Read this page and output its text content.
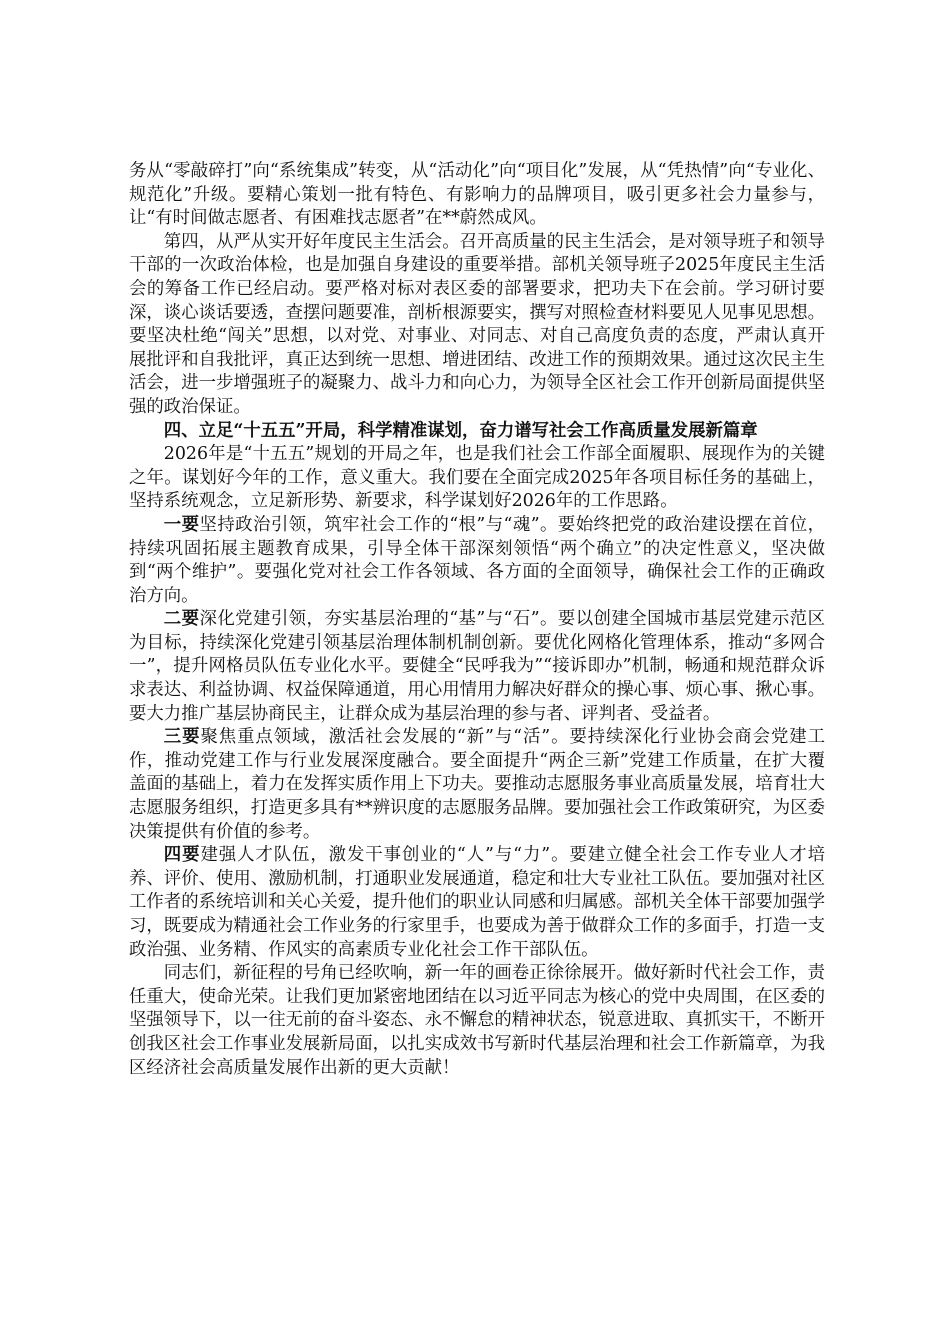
务从“零敲碎打”向“系统集成”转变，从“活动化”向“项目化”发展，从“凭热情”向“专业化、规范化”升级。要精心策划一批有特色、有影响力的品牌项目，吸引更多社会力量参与，让“有时间做志愿者、有困难找志愿者”在**蔚然成风。

第四，从严从实开好年度民主生活会。召开高质量的民主生活会，是对领导班子和领导干部的一次政治体检，也是加强自身建设的重要举措。部机关领导班子2025年度民主生活会的筹备工作已经启动。要严格对标对表区委的部署要求，把功夫下在会前。学习研讨要深，谈心谈话要透，查摆问题要准，剖析根源要实，撰写对照检查材料要见人见事见思想。要坚决杜绝“闯关”思想，以对党、对事业、对同志、对自己高度负责的态度，严肃认真开展批评和自我批评，真正达到统一思想、增进团结、改进工作的预期效果。通过这次民主生活会，进一步增强班子的凝聚力、战斗力和向心力，为领导全区社会工作开创新局面提供坚强的政治保证。

四、立足“十五五”开局，科学精准谋划，奋力谱写社会工作高质量发展新篇章

2026年是“十五五”规划的开局之年，也是我们社会工作部全面履职、展现作为的关键之年。谋划好今年的工作，意义重大。我们要在全面完成2025年各项目标任务的基础上，坚持系统观念，立足新形势、新要求，科学谋划好2026年的工作思路。

一要坚持政治引领，筑牢社会工作的“根”与“魂”。要始终把党的政治建设摆在首位，持续巩固拓展主题教育成果，引导全体干部深刻领悟“两个确立”的决定性意义，坚决做到“两个维护”。要强化党对社会工作各领域、各方面的全面领导，确保社会工作的正确政治方向。

二要深化党建引领，夯实基层治理的“基”与“石”。要以创建全国城市基层党建示范区为目标，持续深化党建引领基层治理体制机制创新。要优化网格化管理体系，推动“多网合一”，提升网格员队伍专业化水平。要健全“民呼我为”“接诉即办”机制，畅通和规范群众诉求表达、利益协调、权益保障通道，用心用情用力解决好群众的操心事、烦心事、揪心事。要大力推广基层协商民主，让群众成为基层治理的参与者、评判者、受益者。

三要聚焦重点领域，激活社会发展的“新”与“活”。要持续深化行业协会商会党建工作，推动党建工作与行业发展深度融合。要全面提升“两企三新”党建工作质量，在扩大覆盖面的基础上，着力在发挥实质作用上下功夫。要推动志愿服务事业高质量发展，培育壮大志愿服务组织，打造更多具有**辨识度的志愿服务品牌。要加强社会工作政策研究，为区委决策提供有价值的参考。

四要建强人才队伍，激发干事创业的“人”与“力”。要建立健全社会工作专业人才培养、评价、使用、激励机制，打通职业发展通道，稳定和壮大专业社工队伍。要加强对社区工作者的系统培训和关心关爱，提升他们的职业认同感和归属感。部机关全体干部要加强学习，既要成为精通社会工作业务的行家里手，也要成为善于做群众工作的多面手，打造一支政治强、业务精、作风实的高素质专业化社会工作干部队伍。

同志们，新征程的号角已经吹响，新一年的画卷正徐徐展开。做好新时代社会工作，责任重大，使命光荣。让我们更加紧密地团结在以习近平同志为核心的党中央周围，在区委的坚强领导下，以一往无前的奋斗姿态、永不懈怠的精神状态，锐意进取、真抓实干，不断开创我区社会工作事业发展新局面，以扎实成效书写新时代基层治理和社会工作新篇章，为我区经济社会高质量发展作出新的更大贡献！
